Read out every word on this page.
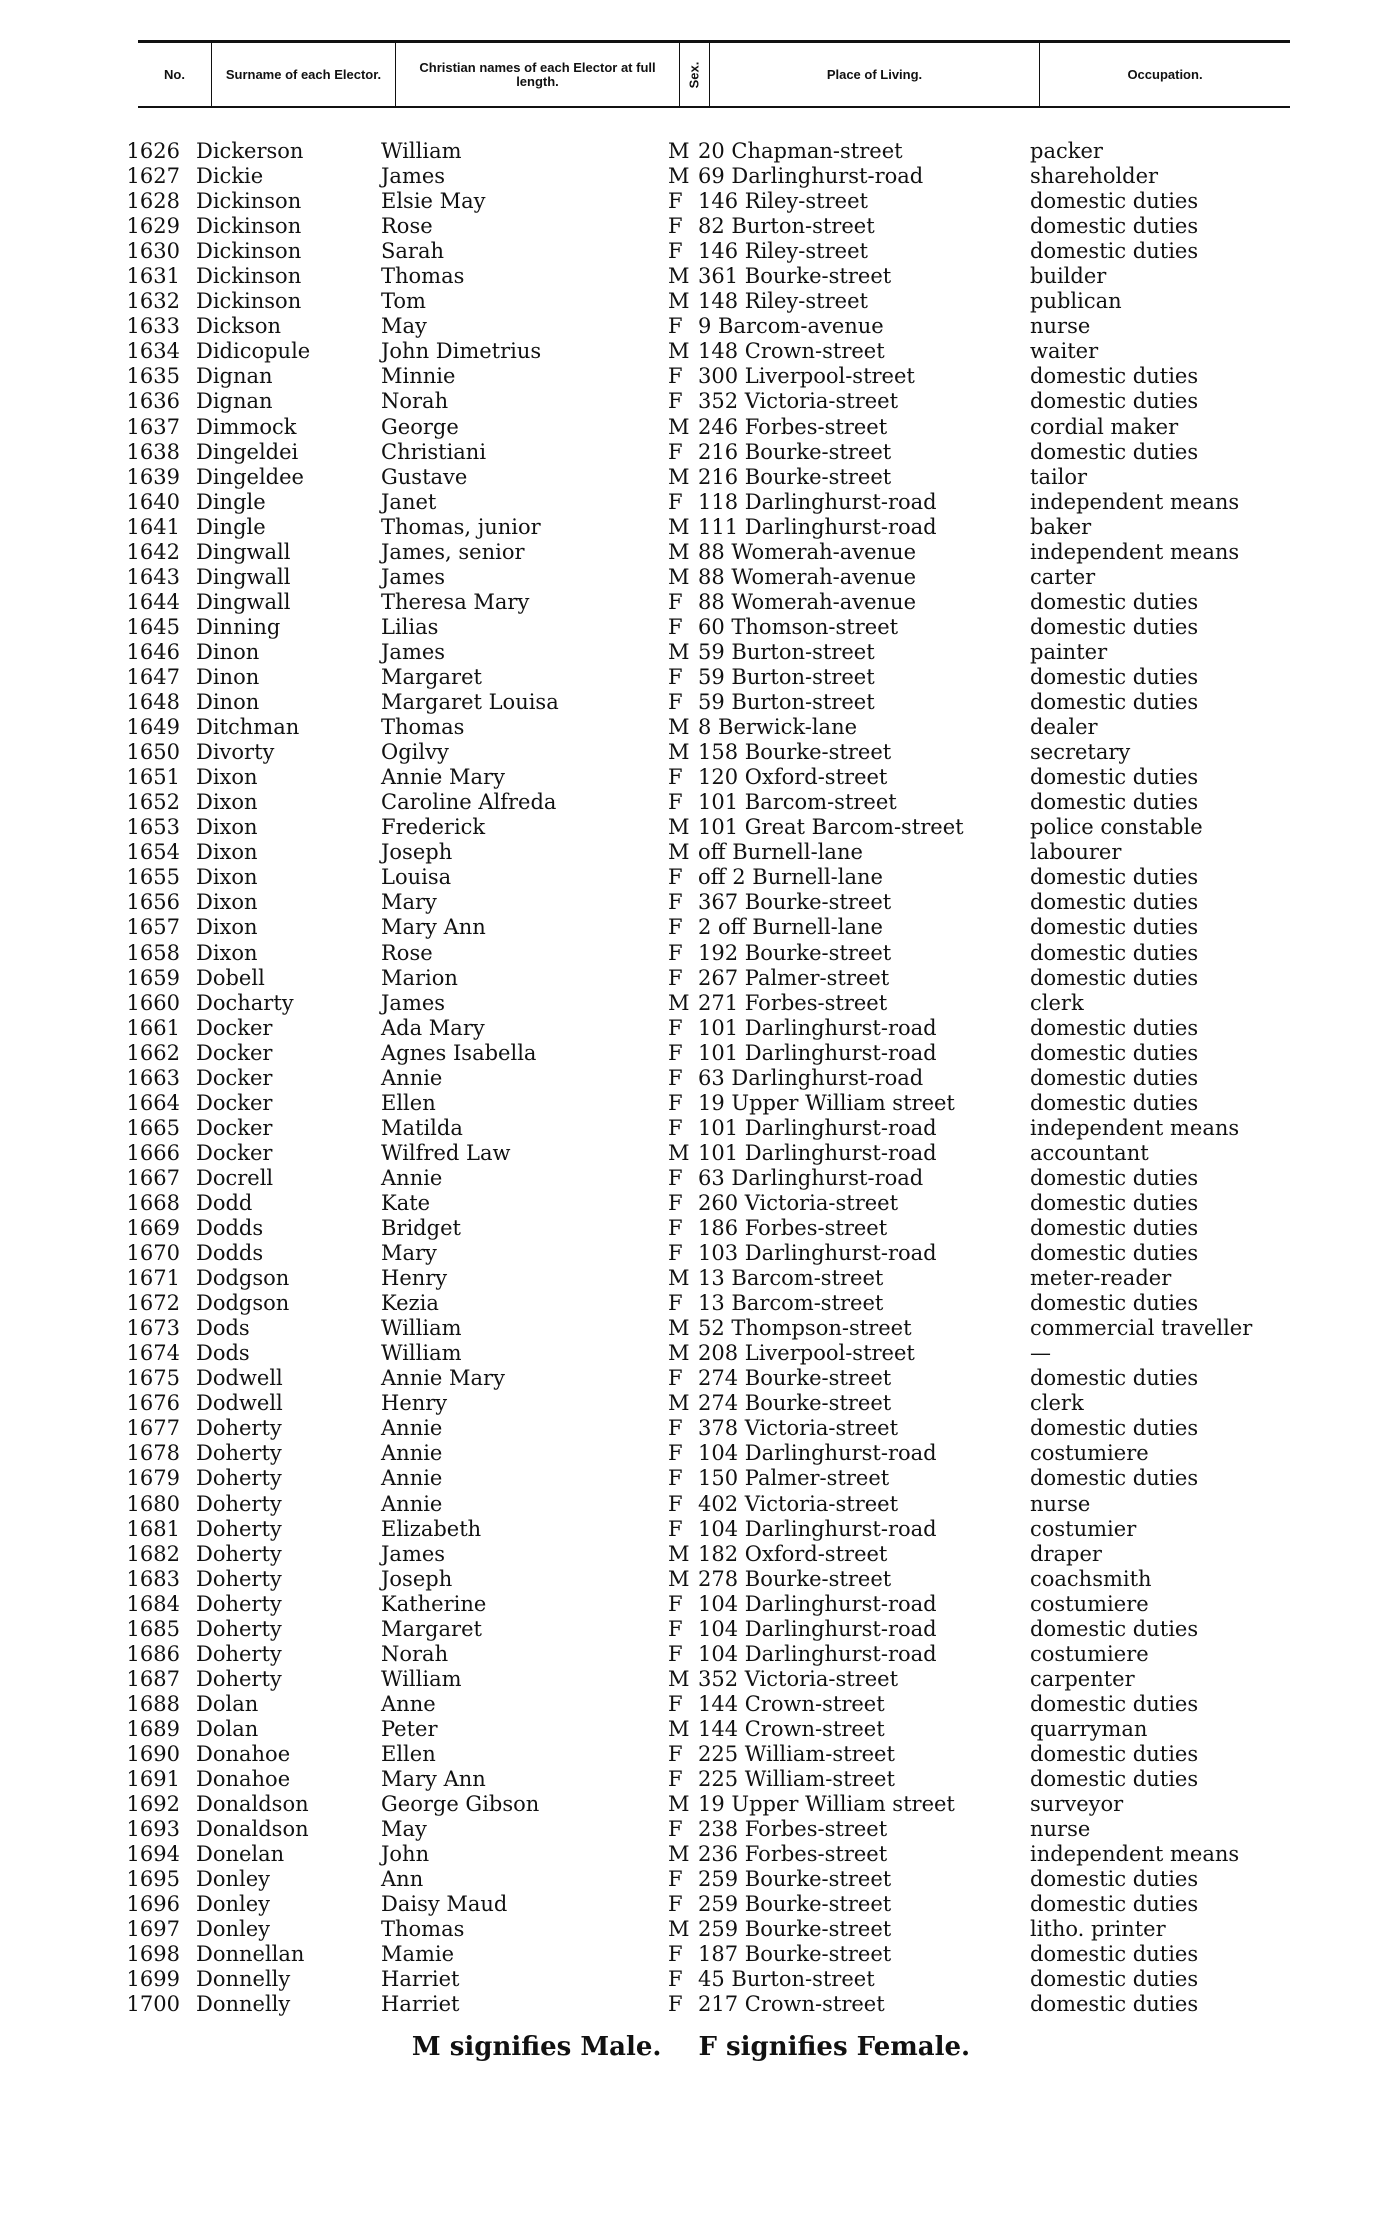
No.	Surname of each Elector.	Christian names of each Elector at full length.	Sex.	Place of Living.	Occupation.
1626 Dickerson	William	M 20 Chapman-street	packer
1627 Dickie	James	M 69 Darlinghurst-road	shareholder
1628 Dickinson	Elsie May	F 146 Riley-street	domestic duties
1629 Dickinson	Rose	F 82 Burton-street	domestic duties
1630 Dickinson	Sarah	F 146 Riley-street	domestic duties
1631 Dickinson	Thomas	M 361 Bourke-street	builder
1632 Dickinson	Tom	M 148 Riley-street	publican
1633 Dickson	May	F 9 Barcom-avenue	nurse
1634 Didicopule	John Dimetrius	M 148 Crown-street	waiter
1635 Dignan	Minnie	F 300 Liverpool-street	domestic duties
1636 Dignan	Norah	F 352 Victoria-street	domestic duties
1637 Dimmock	George	M 246 Forbes-street	cordial maker
1638 Dingeldei	Christiani	F 216 Bourke-street	domestic duties
1639 Dingeldee	Gustave	M 216 Bourke-street	tailor
1640 Dingle	Janet	F 118 Darlinghurst-road	independent means
1641 Dingle	Thomas, junior	M 111 Darlinghurst-road	baker
1642 Dingwall	James, senior	M 88 Womerah-avenue	independent means
1643 Dingwall	James	M 88 Womerah-avenue	carter
1644 Dingwall	Theresa Mary	F 88 Womerah-avenue	domestic duties
1645 Dinning	Lilias	F 60 Thomson-street	domestic duties
1646 Dinon	James	M 59 Burton-street	painter
1647 Dinon	Margaret	F 59 Burton-street	domestic duties
1648 Dinon	Margaret Louisa	F 59 Burton-street	domestic duties
1649 Ditchman	Thomas	M 8 Berwick-lane	dealer
1650 Divorty	Ogilvy	M 158 Bourke-street	secretary
1651 Dixon	Annie Mary	F 120 Oxford-street	domestic duties
1652 Dixon	Caroline Alfreda	F 101 Barcom-street	domestic duties
1653 Dixon	Frederick	M 101 Great Barcom-street	police constable
1654 Dixon	Joseph	M off Burnell-lane	labourer
1655 Dixon	Louisa	F off 2 Burnell-lane	domestic duties
1656 Dixon	Mary	F 367 Bourke-street	domestic duties
1657 Dixon	Mary Ann	F 2 off Burnell-lane	domestic duties
1658 Dixon	Rose	F 192 Bourke-street	domestic duties
1659 Dobell	Marion	F 267 Palmer-street	domestic duties
1660 Docharty	James	M 271 Forbes-street	clerk
1661 Docker	Ada Mary	F 101 Darlinghurst-road	domestic duties
1662 Docker	Agnes Isabella	F 101 Darlinghurst-road	domestic duties
1663 Docker	Annie	F 63 Darlinghurst-road	domestic duties
1664 Docker	Ellen	F 19 Upper William street	domestic duties
1665 Docker	Matilda	F 101 Darlinghurst-road	independent means
1666 Docker	Wilfred Law	M 101 Darlinghurst-road	accountant
1667 Docrell	Annie	F 63 Darlinghurst-road	domestic duties
1668 Dodd	Kate	F 260 Victoria-street	domestic duties
1669 Dodds	Bridget	F 186 Forbes-street	domestic duties
1670 Dodds	Mary	F 103 Darlinghurst-road	domestic duties
1671 Dodgson	Henry	M 13 Barcom-street	meter-reader
1672 Dodgson	Kezia	F 13 Barcom-street	domestic duties
1673 Dods	William	M 52 Thompson-street	commercial traveller
1674 Dods	William	M 208 Liverpool-street	—
1675 Dodwell	Annie Mary	F 274 Bourke-street	domestic duties
1676 Dodwell	Henry	M 274 Bourke-street	clerk
1677 Doherty	Annie	F 378 Victoria-street	domestic duties
1678 Doherty	Annie	F 104 Darlinghurst-road	costumiere
1679 Doherty	Annie	F 150 Palmer-street	domestic duties
1680 Doherty	Annie	F 402 Victoria-street	nurse
1681 Doherty	Elizabeth	F 104 Darlinghurst-road	costumier
1682 Doherty	James	M 182 Oxford-street	draper
1683 Doherty	Joseph	M 278 Bourke-street	coachsmith
1684 Doherty	Katherine	F 104 Darlinghurst-road	costumiere
1685 Doherty	Margaret	F 104 Darlinghurst-road	domestic duties
1686 Doherty	Norah	F 104 Darlinghurst-road	costumiere
1687 Doherty	William	M 352 Victoria-street	carpenter
1688 Dolan	Anne	F 144 Crown-street	domestic duties
1689 Dolan	Peter	M 144 Crown-street	quarryman
1690 Donahoe	Ellen	F 225 William-street	domestic duties
1691 Donahoe	Mary Ann	F 225 William-street	domestic duties
1692 Donaldson	George Gibson	M 19 Upper William street	surveyor
1693 Donaldson	May	F 238 Forbes-street	nurse
1694 Donelan	John	M 236 Forbes-street	independent means
1695 Donley	Ann	F 259 Bourke-street	domestic duties
1696 Donley	Daisy Maud	F 259 Bourke-street	domestic duties
1697 Donley	Thomas	M 259 Bourke-street	litho. printer
1698 Donnellan	Mamie	F 187 Bourke-street	domestic duties
1699 Donnelly	Harriet	F 45 Burton-street	domestic duties
1700 Donnelly	Harriet	F 217 Crown-street	domestic duties
M signifies Male. F signifies Female.
